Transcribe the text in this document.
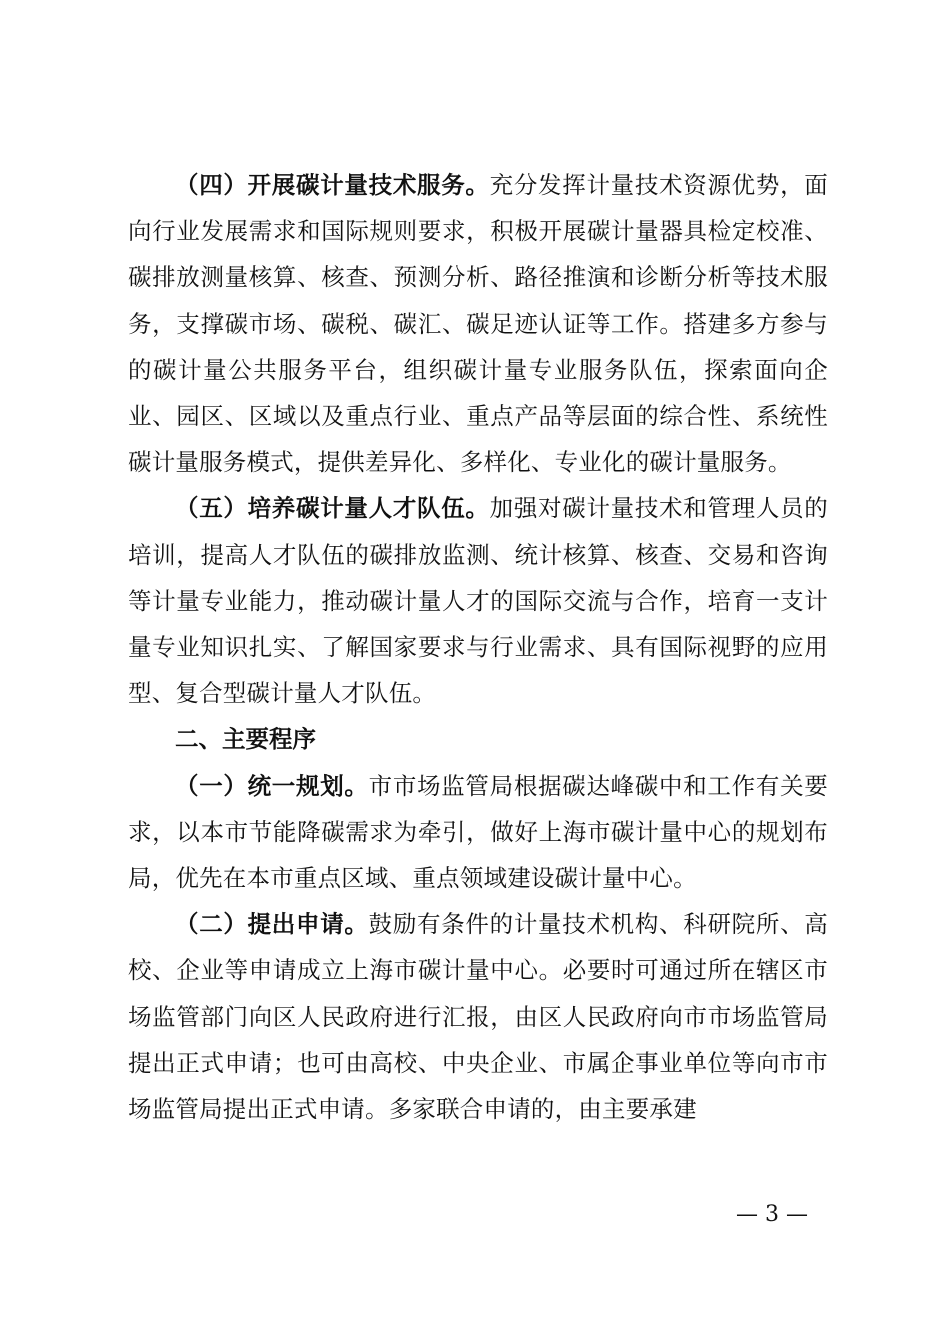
（四）开展碳计量技术服务。充分发挥计量技术资源优势，面向行业发展需求和国际规则要求，积极开展碳计量器具检定校准、碳排放测量核算、核查、预测分析、路径推演和诊断分析等技术服务，支撑碳市场、碳税、碳汇、碳足迹认证等工作。搭建多方参与的碳计量公共服务平台，组织碳计量专业服务队伍，探索面向企业、园区、区域以及重点行业、重点产品等层面的综合性、系统性碳计量服务模式，提供差异化、多样化、专业化的碳计量服务。

（五）培养碳计量人才队伍。加强对碳计量技术和管理人员的培训，提高人才队伍的碳排放监测、统计核算、核查、交易和咨询等计量专业能力，推动碳计量人才的国际交流与合作，培育一支计量专业知识扎实、了解国家要求与行业需求、具有国际视野的应用型、复合型碳计量人才队伍。

二、主要程序

（一）统一规划。市市场监管局根据碳达峰碳中和工作有关要求，以本市节能降碳需求为牵引，做好上海市碳计量中心的规划布局，优先在本市重点区域、重点领域建设碳计量中心。

（二）提出申请。鼓励有条件的计量技术机构、科研院所、高校、企业等申请成立上海市碳计量中心。必要时可通过所在辖区市场监管部门向区人民政府进行汇报，由区人民政府向市市场监管局提出正式申请；也可由高校、中央企业、市属企事业单位等向市市场监管局提出正式申请。多家联合申请的，由主要承建

— 3 —
